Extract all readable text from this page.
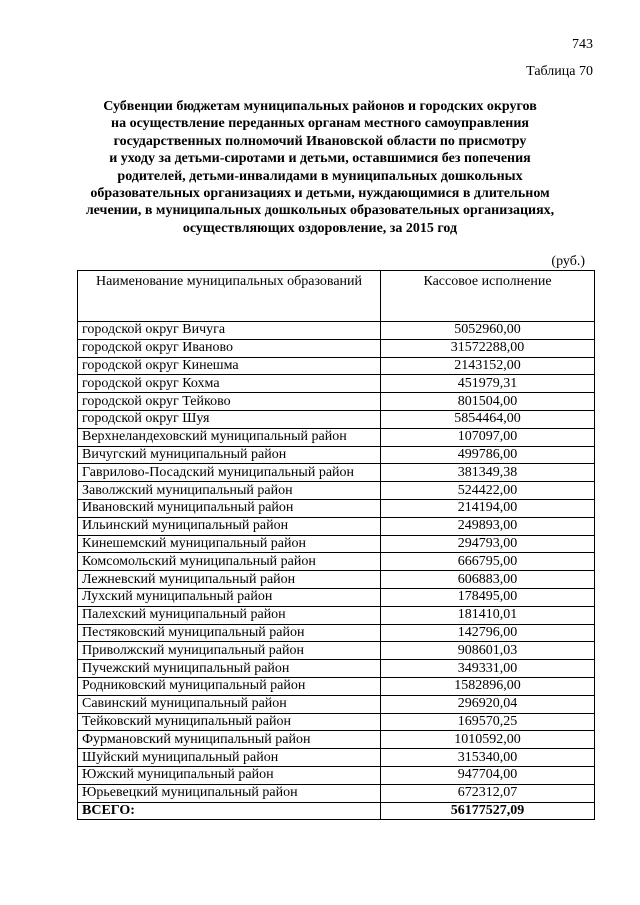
743
Таблица 70
Субвенции бюджетам муниципальных районов и городских округов
на осуществление переданных органам местного самоуправления
государственных полномочий Ивановской области по присмотру
и уходу за детьми-сиротами и детьми, оставшимися без попечения
родителей, детьми-инвалидами в муниципальных дошкольных
образовательных организациях и детьми, нуждающимися в длительном
лечении, в муниципальных дошкольных образовательных организациях,
осуществляющих оздоровление, за 2015 год
(руб.)
Наименование муниципальных образований	Кассовое исполнение
городской округ Вичуга	5052960,00
городской округ Иваново	31572288,00
городской округ Кинешма	2143152,00
городской округ Кохма	451979,31
городской округ Тейково	801504,00
городской округ Шуя	5854464,00
Верхнеландеховский муниципальный район	107097,00
Вичугский муниципальный район	499786,00
Гаврилово-Посадский муниципальный район	381349,38
Заволжский муниципальный район	524422,00
Ивановский муниципальный район	214194,00
Ильинский муниципальный район	249893,00
Кинешемский муниципальный район	294793,00
Комсомольский муниципальный район	666795,00
Лежневский муниципальный район	606883,00
Лухский муниципальный район	178495,00
Палехский муниципальный район	181410,01
Пестяковский муниципальный район	142796,00
Приволжский муниципальный район	908601,03
Пучежский муниципальный район	349331,00
Родниковский муниципальный район	1582896,00
Савинский муниципальный район	296920,04
Тейковский муниципальный район	169570,25
Фурмановский муниципальный район	1010592,00
Шуйский муниципальный район	315340,00
Южский муниципальный район	947704,00
Юрьевецкий муниципальный район	672312,07
ВСЕГО:	56177527,09
